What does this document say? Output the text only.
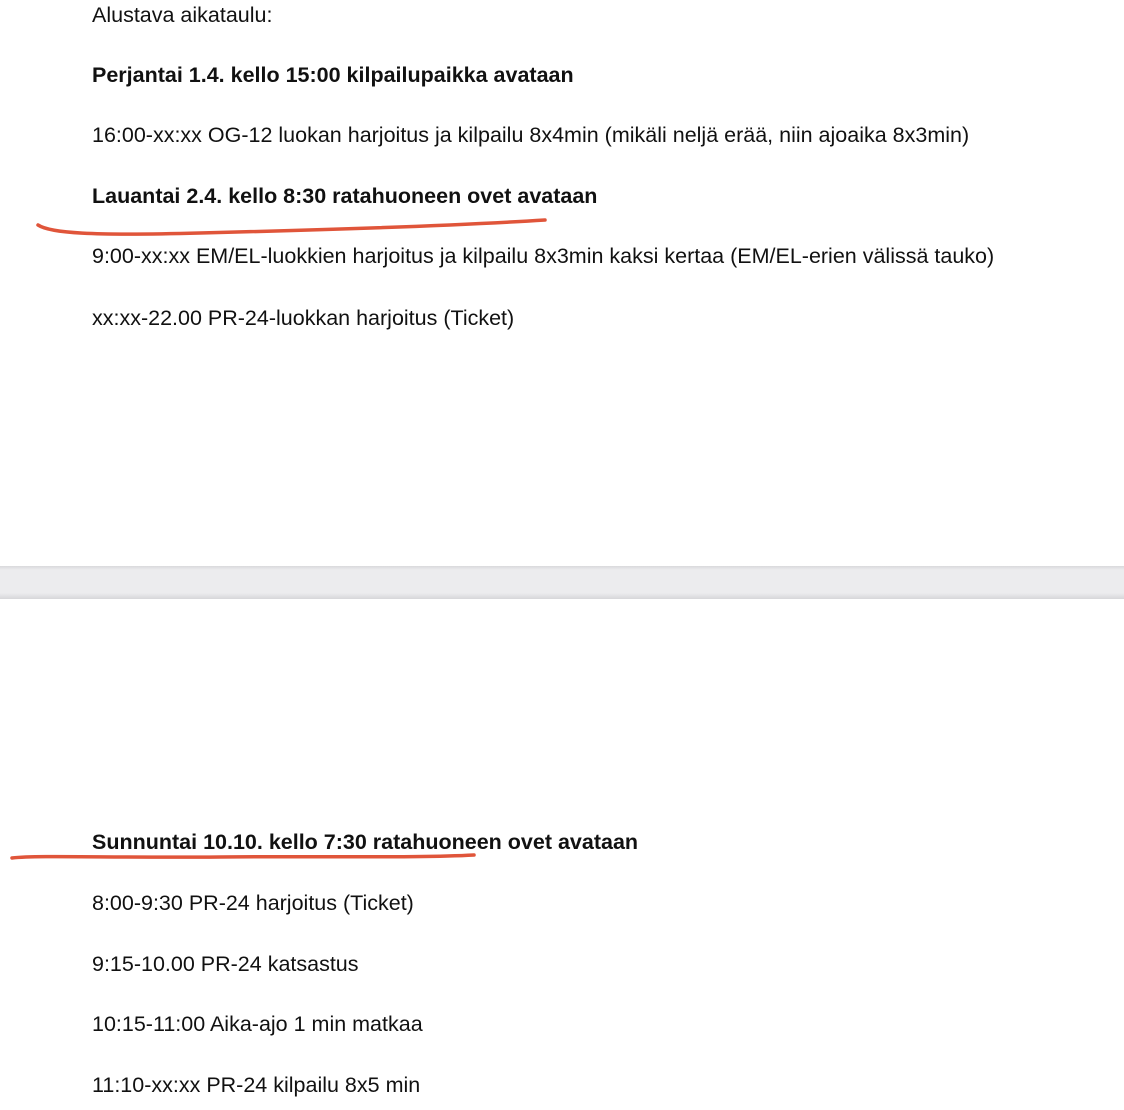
Alustava aikataulu:

Perjantai 1.4. kello 15:00 kilpailupaikka avataan

16:00-xx:xx OG-12 luokan harjoitus ja kilpailu 8x4min (mikäli neljä erää, niin ajoaika 8x3min)

Lauantai 2.4. kello 8:30 ratahuoneen ovet avataan

9:00-xx:xx EM/EL-luokkien harjoitus ja kilpailu 8x3min kaksi kertaa (EM/EL-erien välissä tauko)

xx:xx-22.00 PR-24-luokkan harjoitus (Ticket)

Sunnuntai 10.10. kello 7:30 ratahuoneen ovet avataan

8:00-9:30 PR-24 harjoitus (Ticket)

9:15-10.00 PR-24 katsastus

10:15-11:00 Aika-ajo 1 min matkaa

11:10-xx:xx PR-24 kilpailu 8x5 min
